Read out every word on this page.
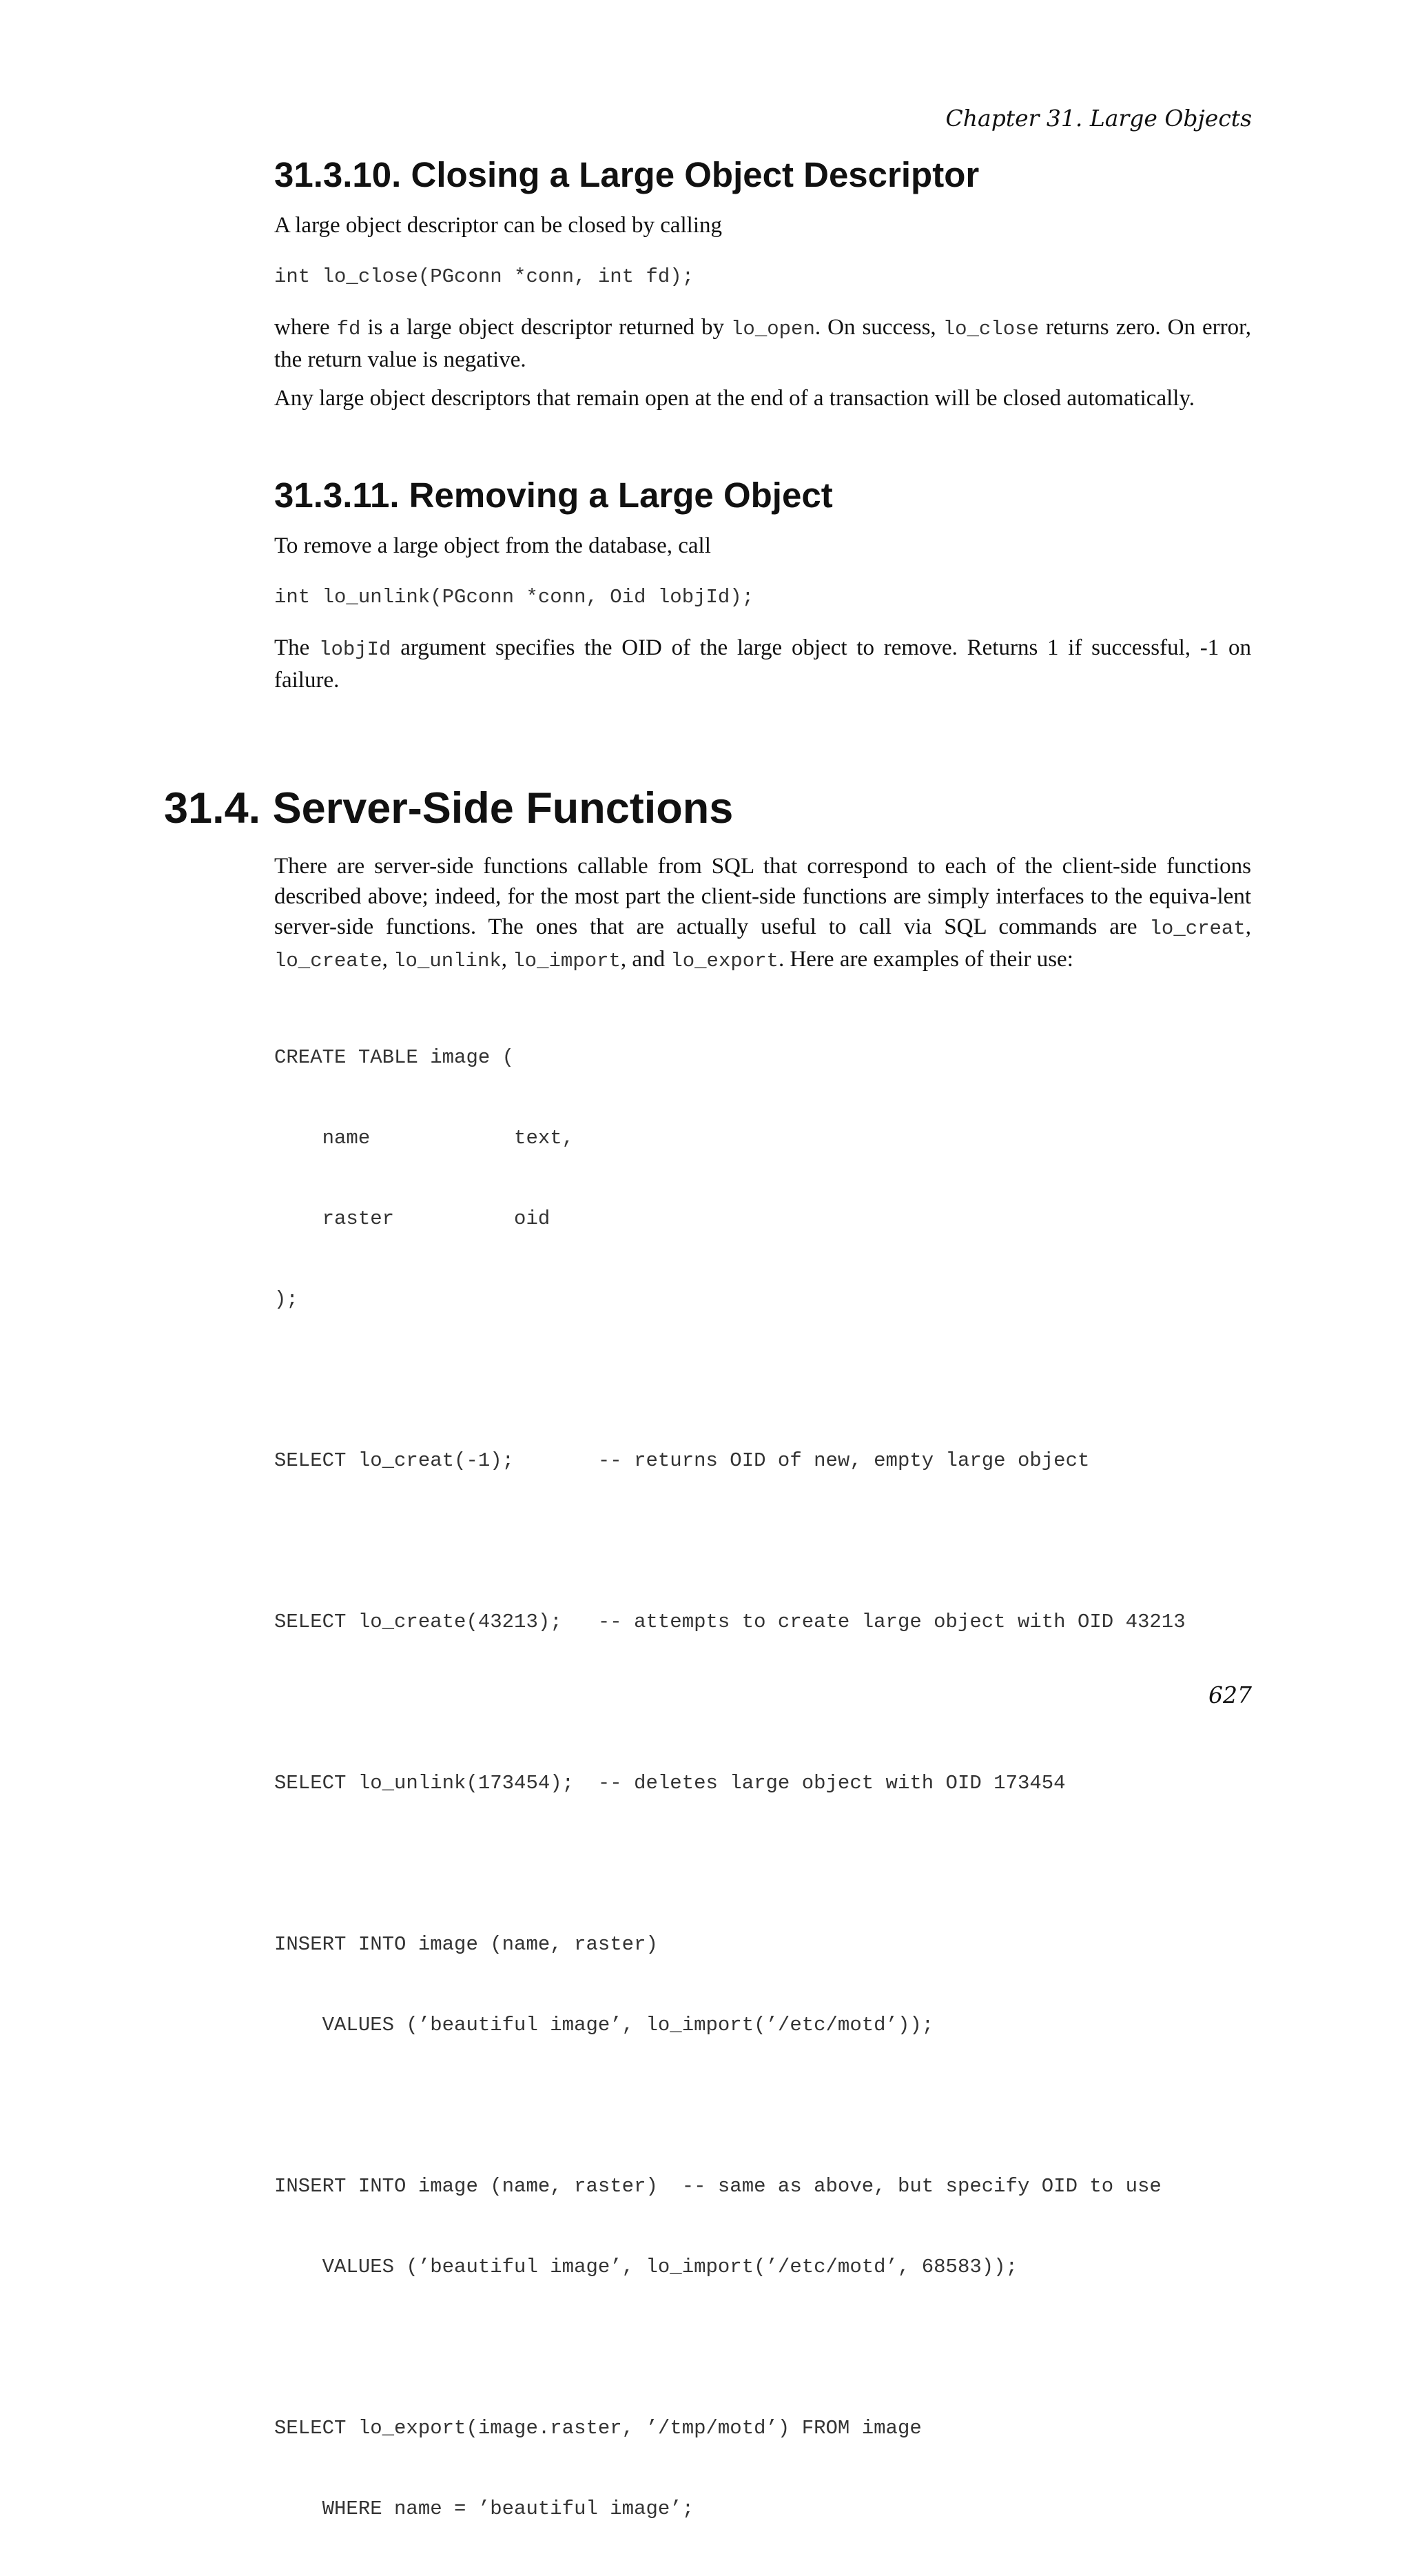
Chapter 31. Large Objects
31.3.10. Closing a Large Object Descriptor

A large object descriptor can be closed by calling

int lo_close(PGconn *conn, int fd);

where fd is a large object descriptor returned by lo_open. On success, lo_close returns zero. On error, the return value is negative.

Any large object descriptors that remain open at the end of a transaction will be closed automatically.

31.3.11. Removing a Large Object

To remove a large object from the database, call

int lo_unlink(PGconn *conn, Oid lobjId);

The lobjId argument specifies the OID of the large object to remove. Returns 1 if successful, -1 on failure.

31.4. Server-Side Functions

There are server-side functions callable from SQL that correspond to each of the client-side functions described above; indeed, for the most part the client-side functions are simply interfaces to the equiva-lent server-side functions. The ones that are actually useful to call via SQL commands are lo_creat, lo_create, lo_unlink, lo_import, and lo_export. Here are examples of their use:

CREATE TABLE image (

name            text,

raster          oid

);

SELECT lo_creat(-1);       -- returns OID of new, empty large object

SELECT lo_create(43213);   -- attempts to create large object with OID 43213

SELECT lo_unlink(173454);  -- deletes large object with OID 173454

INSERT INTO image (name, raster)

VALUES (’beautiful image’, lo_import(’/etc/motd’));

INSERT INTO image (name, raster)  -- same as above, but specify OID to use

VALUES (’beautiful image’, lo_import(’/etc/motd’, 68583));

SELECT lo_export(image.raster, ’/tmp/motd’) FROM image

WHERE name = ’beautiful image’;

627
